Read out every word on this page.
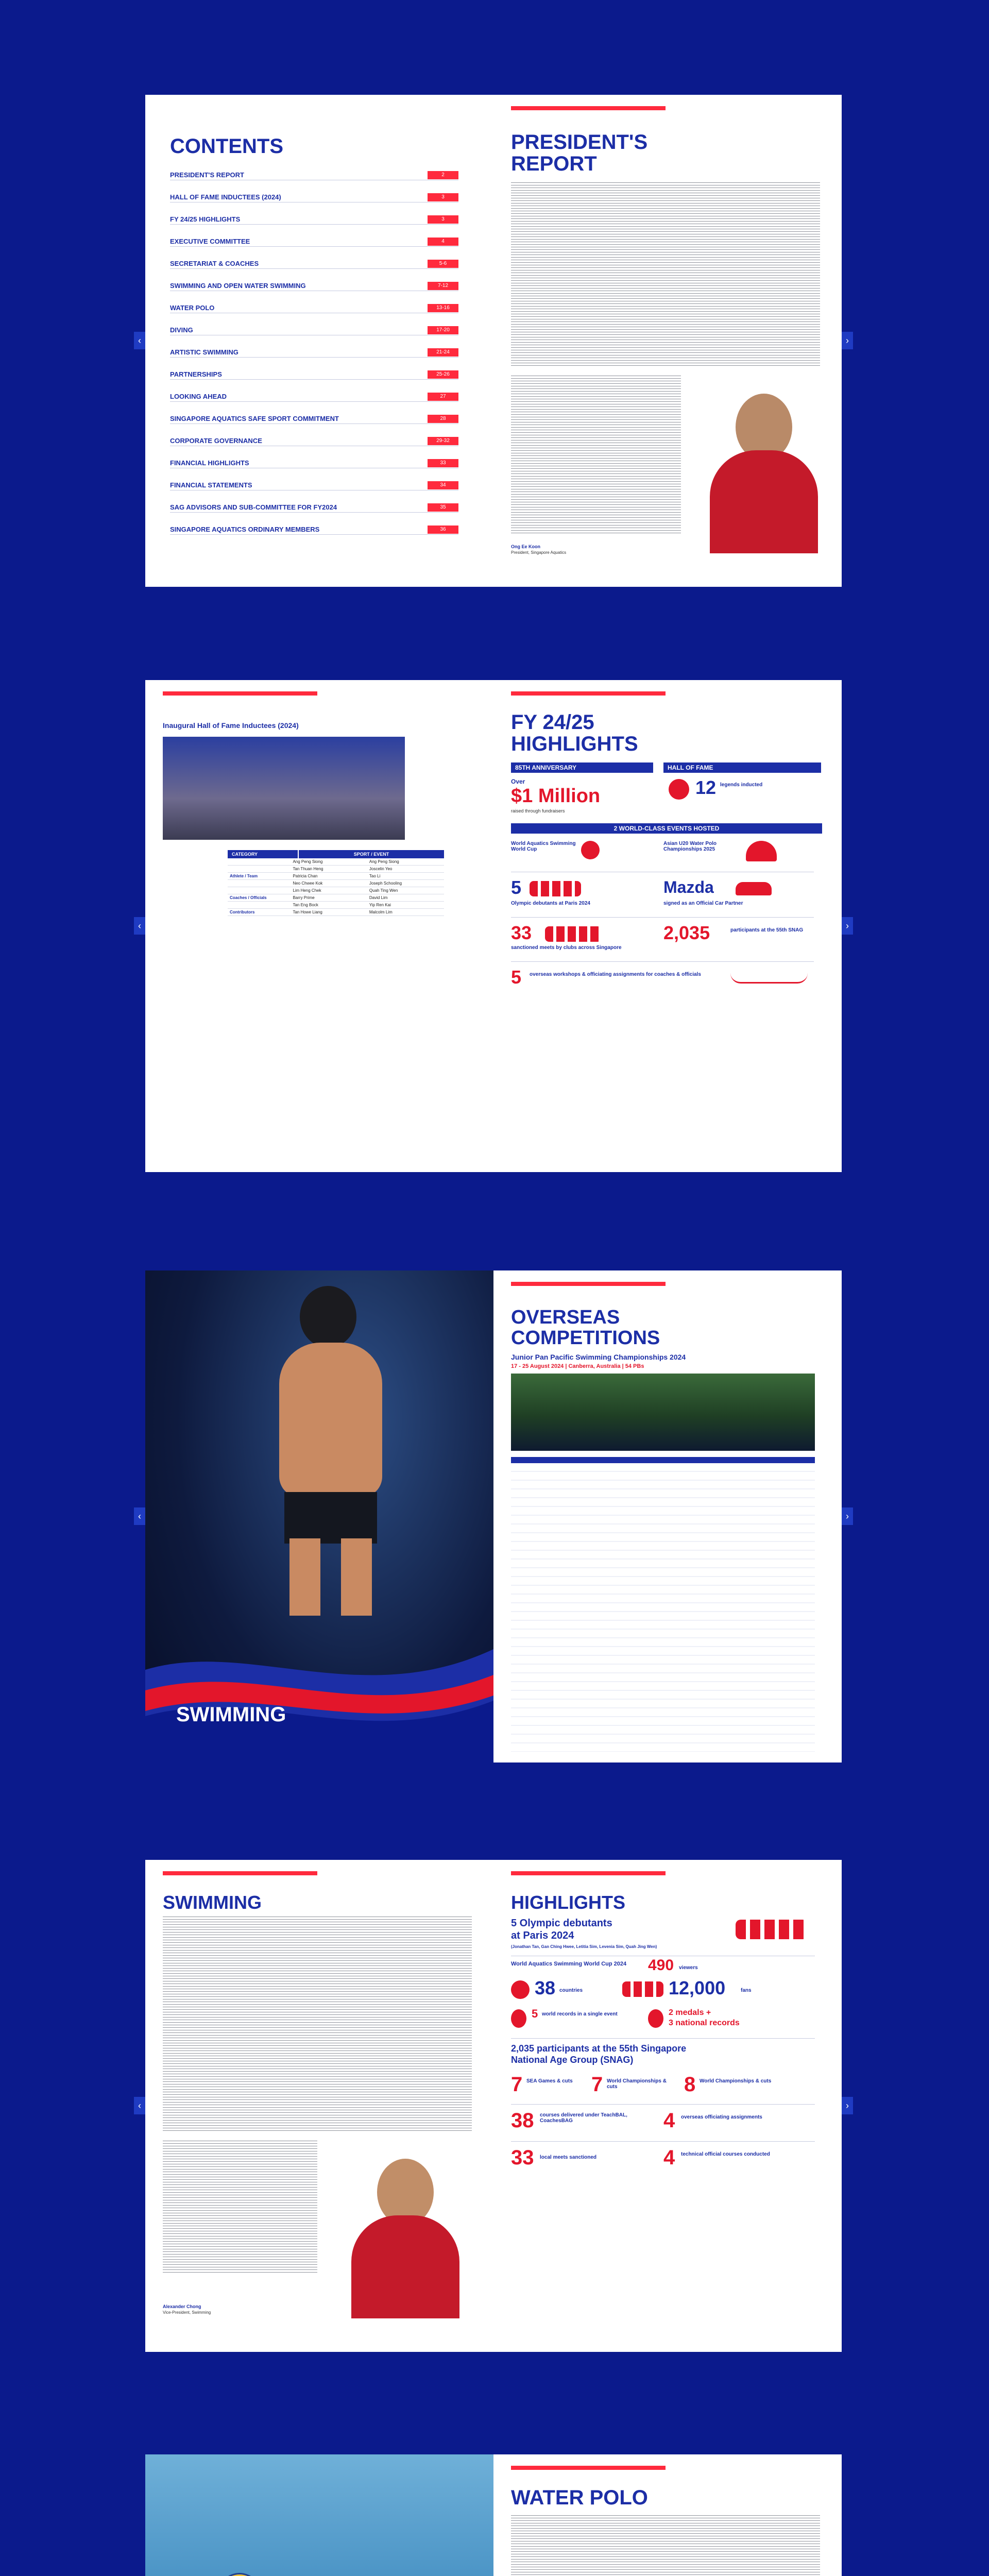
CONTENTS
PRESIDENT'S REPORT	2
HALL OF FAME INDUCTEES (2024)	3
FY 24/25 HIGHLIGHTS	3
EXECUTIVE COMMITTEE	4
SECRETARIAT & COACHES	5-6
SWIMMING AND OPEN WATER SWIMMING	7-12
WATER POLO	13-16
DIVING	17-20
ARTISTIC SWIMMING	21-24
PARTNERSHIPS	25-26
LOOKING AHEAD	27
SINGAPORE AQUATICS SAFE SPORT COMMITMENT	28
CORPORATE GOVERNANCE	29-32
FINANCIAL HIGHLIGHTS	33
FINANCIAL STATEMENTS	34
SAG ADVISORS AND SUB-COMMITTEE FOR FY2024	35
SINGAPORE AQUATICS ORDINARY MEMBERS	36
‹
PRESIDENT'S
REPORT
Ong Ee Koon
President, Singapore Aquatics
›
Inaugural Hall of Fame Inductees (2024)
CATEGORY	SPORT / EVENT
	Ang Peng Siong	Ang Peng Siong
	Tan Thuan Heng	Joscelin Yeo
Athlete / Team	Patricia Chan	Tao Li
	Neo Chwee Kok	Joseph Schooling
	Lim Heng Chek	Quah Ting Wen
Coaches / Officials	Barry Prime	David Lim
	Tan Eng Bock	Yip Ren Kai
Contributors	Tan Howe Liang	Malcolm Lim
‹
FY 24/25
HIGHLIGHTS
85TH ANNIVERSARY	HALL OF FAME
Over
$1 Million
raised through fundraisers
12 legends inducted
2 WORLD-CLASS EVENTS HOSTED
World Aquatics Swimming World Cup
Asian U20 Water Polo Championships 2025
5
Olympic debutants at Paris 2024
Mazda
signed as an Official Car Partner
33
sanctioned meets by clubs across Singapore
2,035	participants at the 55th SNAG
5 overseas workshops & officiating assignments for coaches & officials
›
SWIMMING
‹
OVERSEAS
COMPETITIONS
Junior Pan Pacific Swimming Championships 2024
17 - 25 August 2024 | Canberra, Australia | 54 PBs
›
SWIMMING
Alexander Chong
Vice-President, Swimming
‹
HIGHLIGHTS
5 Olympic debutants
at Paris 2024
(Jonathan Tan, Gan Ching Hwee, Letitia Sim, Levenia Sim, Quah Jing Wen)
World Aquatics Swimming World Cup 2024 490 viewers
38 countries	12,000	fans
5 world records in a single event	2 medals +
3 national records
2,035 participants at the 55th Singapore
National Age Group (SNAG)
7 SEA Games & cuts 7 World Championships & cuts	8 World Championships & cuts
38 courses delivered under TeachBAL, CoachesBAG	4 overseas officiating assignments
33 local meets sanctioned	4 technical official courses conducted
›
WATER POLO
